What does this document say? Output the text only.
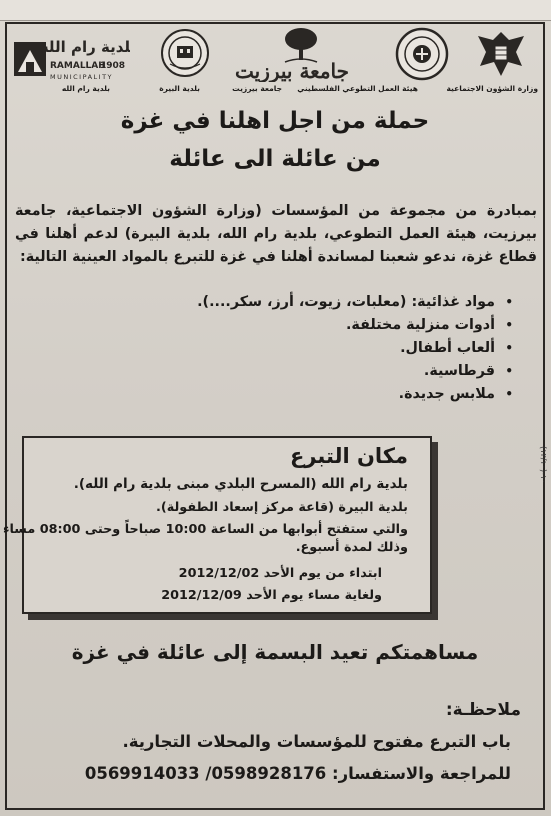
بلدية رام الله
RAMALLAH
1908
MUNICIPALITY	جامعة بيرزيت
وزارة الشؤون الاجتماعية
هيئة العمل التطوعي الفلسطيني
جامعة بيرزيت
بلدية البيرة
بلدية رام الله
حملة من اجل اهلنا في غزة
من عائلة الى عائلة
بمبادرة من مجموعة من المؤسسات (وزارة الشؤون الاجتماعية، جامعة بيرزيت، هيئة العمل التطوعي، بلدية رام الله، بلدية البيرة) لدعم أهلنا في قطاع غزة، ندعو شعبنا لمساندة أهلنا في غزة للتبرع بالمواد العينية التالية:
•
مواد غذائية: (معلبات، زيوت، أرز، سكر....).
•
أدوات منزلية مختلفة.
•
ألعاب أطفال.
•
قرطاسية.
•
ملابس جديدة.
مكان التبرع
بلدية رام الله (المسرح البلدي مبنى بلدية رام الله).
بلدية البيرة (قاعة مركز إسعاد الطفولة).
والتي ستفتح أبوابها من الساعة 10:00 صباحاً وحتى 08:00 مساء
وذلك لمدة أسبوع.
ابتداء من يوم الأحد 2012/12/02
ولغاية مساء يوم الأحد 2012/12/09
(١٢/١٠)-١٠
مساهمتكم تعيد البسمة إلى عائلة في غزة
ملاحظـة:
باب التبرع مفتوح للمؤسسات والمحلات التجارية.
للمراجعة والاستفسار: 0598928176/ 0569914033
